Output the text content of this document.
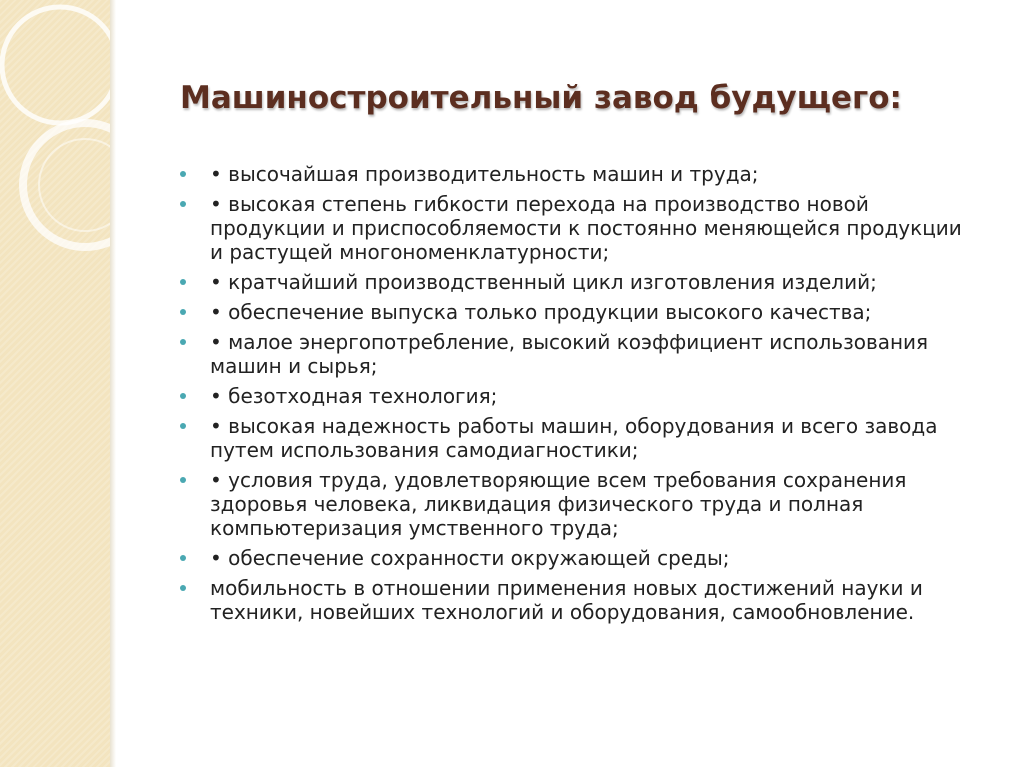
Машиностроительный завод будущего:
• высочайшая производительность машин и труда;
• высокая степень гибкости перехода на производство новой продукции и приспособляемости к постоянно меняющейся продукции и растущей многономенклатурности;
• кратчайший производственный цикл изготовления изделий;
• обеспечение выпуска только продукции высокого качества;
• малое энергопотребление, высокий коэффициент использования машин и сырья;
• безотходная технология;
• высокая надежность работы машин, оборудования и всего завода путем использования самодиагностики;
• условия труда, удовлетворяющие всем требования сохранения здоровья человека, ликвидация физического труда и полная компьютеризация умственного труда;
• обеспечение сохранности окружающей среды;
мобильность в отношении применения новых достижений науки и техники, новейших технологий и оборудования, самообновление.
